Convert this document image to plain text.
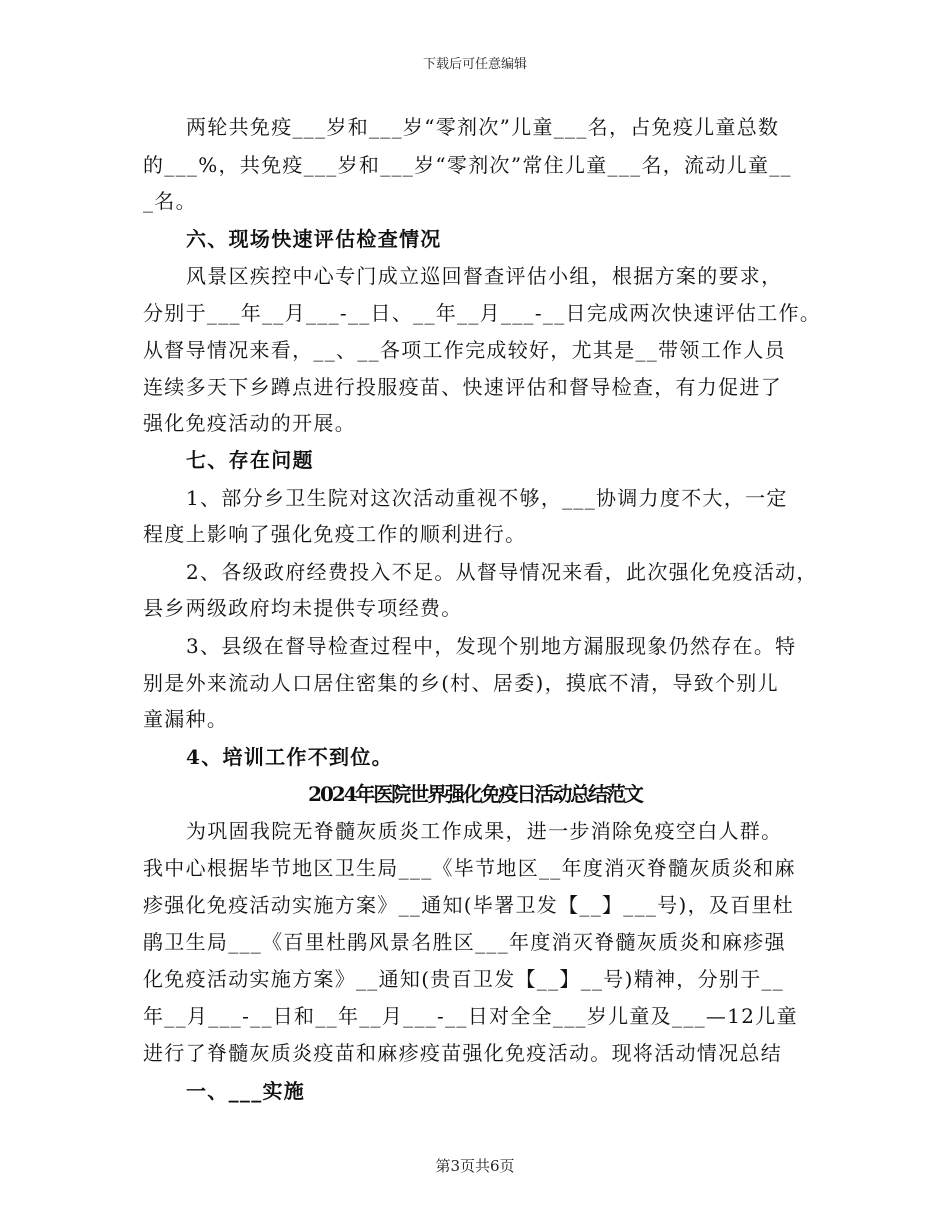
下载后可任意编辑
两轮共免疫___岁和___岁“零剂次”儿童___名，占免疫儿童总数
的___%，共免疫___岁和___岁“零剂次”常住儿童___名，流动儿童__
_名。
六、现场快速评估检查情况
风景区疾控中心专门成立巡回督查评估小组，根据方案的要求，
分别于___年__月___-__日、__年__月___-__日完成两次快速评估工作。
从督导情况来看，__、__各项工作完成较好，尤其是__带领工作人员
连续多天下乡蹲点进行投服疫苗、快速评估和督导检查，有力促进了
强化免疫活动的开展。
七、存在问题
1、部分乡卫生院对这次活动重视不够，___协调力度不大，一定
程度上影响了强化免疫工作的顺利进行。
2、各级政府经费投入不足。从督导情况来看，此次强化免疫活动，
县乡两级政府均未提供专项经费。
3、县级在督导检查过程中，发现个别地方漏服现象仍然存在。特
别是外来流动人口居住密集的乡(村、居委)，摸底不清，导致个别儿
童漏种。
4、培训工作不到位。
2024年医院世界强化免疫日活动总结范文
为巩固我院无脊髓灰质炎工作成果，进一步消除免疫空白人群。
我中心根据毕节地区卫生局___《毕节地区__年度消灭脊髓灰质炎和麻
疹强化免疫活动实施方案》__通知(毕署卫发【__】___号)，及百里杜
鹃卫生局___《百里杜鹃风景名胜区___年度消灭脊髓灰质炎和麻疹强
化免疫活动实施方案》__通知(贵百卫发【__】__号)精神，分别于__
年__月___-__日和__年__月___-__日对全全___岁儿童及___—12儿童
进行了脊髓灰质炎疫苗和麻疹疫苗强化免疫活动。现将活动情况总结
一、___实施
第3页共6页
